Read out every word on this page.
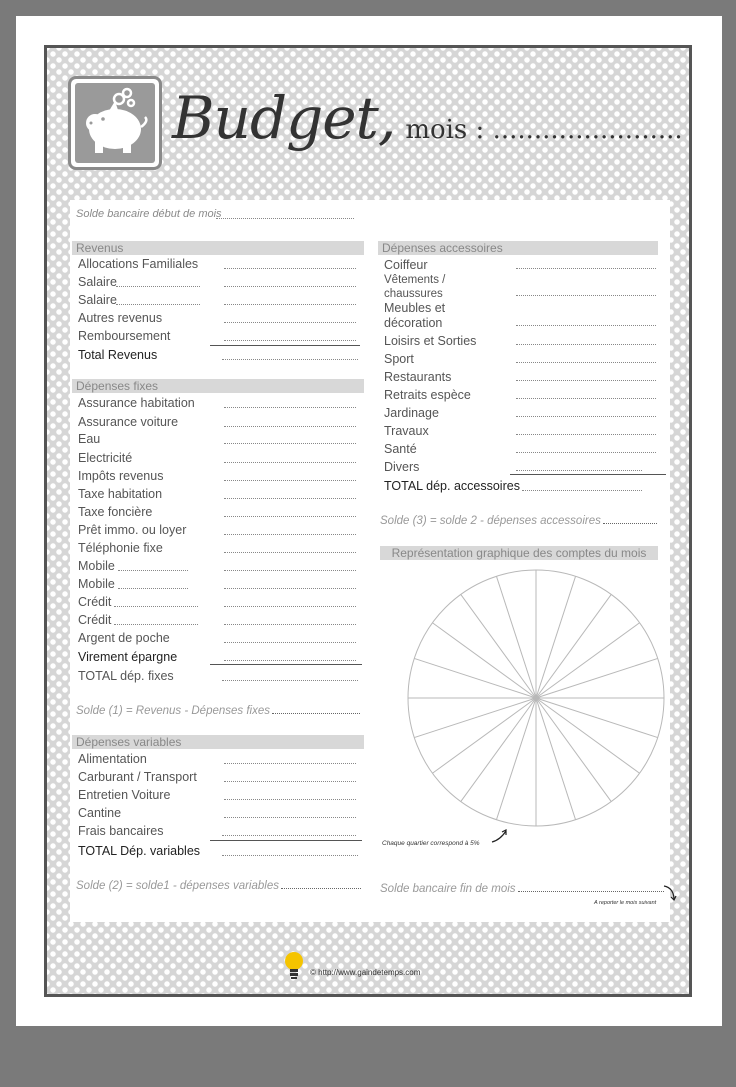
Budget, mois : .......................
Solde bancaire début de mois
Revenus
Allocations Familiales
Salaire
Salaire
Autres revenus
Remboursement
Total Revenus
Dépenses fixes
Assurance habitation
Assurance voiture
Eau
Electricité
Impôts revenus
Taxe habitation
Taxe foncière
Prêt immo. ou loyer
Téléphonie fixe
Mobile
Mobile
Crédit
Crédit
Argent de poche
Virement épargne
TOTAL dép. fixes
Solde (1) = Revenus - Dépenses fixes
Dépenses variables
Alimentation
Carburant / Transport
Entretien Voiture
Cantine
Frais bancaires
TOTAL Dép. variables
Solde (2) = solde1 - dépenses variables
Dépenses accessoires
Coiffeur
Vêtements / chaussures
Meubles et décoration
Loisirs et Sorties
Sport
Restaurants
Retraits espèce
Jardinage
Travaux
Santé
Divers
TOTAL dép. accessoires
Solde (3) = solde 2 - dépenses accessoires
Représentation graphique des comptes du mois
Chaque quartier correspond à 5%
Solde bancaire fin de mois
A reporter le mois suivant
© http://www.gaindetemps.com
